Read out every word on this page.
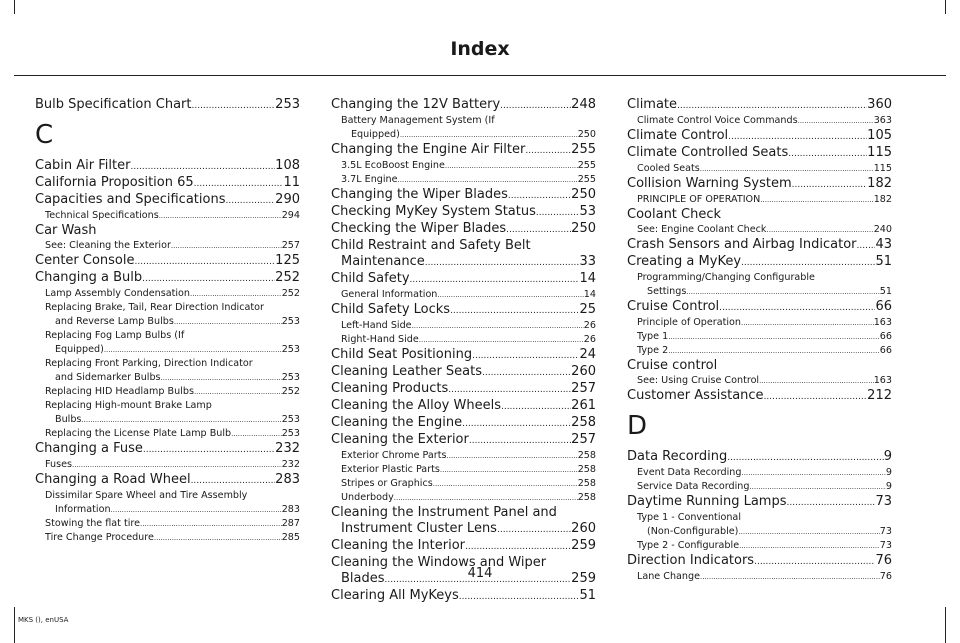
Index
Bulb Specification Chart .....	253
C
Cabin Air Filter .....	108
California Proposition 65 .....	11
Capacities and Specifications .....	290
Technical Specifications .....	294
Car Wash
See: Cleaning the Exterior .....	257
Center Console .....	125
Changing a Bulb .....	252
Lamp Assembly Condensation .....	252
Replacing Brake, Tail, Rear Direction Indicator
and Reverse Lamp Bulbs .....	253
Replacing Fog Lamp Bulbs (If
Equipped) .....	253
Replacing Front Parking, Direction Indicator
and Sidemarker Bulbs .....	253
Replacing HID Headlamp Bulbs .....	252
Replacing High-mount Brake Lamp
Bulbs .....	253
Replacing the License Plate Lamp Bulb .....	253
Changing a Fuse .....	232
Fuses .....	232
Changing a Road Wheel .....	283
Dissimilar Spare Wheel and Tire Assembly
Information .....	283
Stowing the flat tire .....	287
Tire Change Procedure .....	285
Changing the 12V Battery .....	248
Battery Management System (If
Equipped) .....	250
Changing the Engine Air Filter .....	255
3.5L EcoBoost Engine .....	255
3.7L Engine .....	255
Changing the Wiper Blades .....	250
Checking MyKey System Status .....	53
Checking the Wiper Blades .....	250
Child Restraint and Safety Belt
Maintenance .....	33
Child Safety .....	14
General Information .....	14
Child Safety Locks .....	25
Left-Hand Side .....	26
Right-Hand Side .....	26
Child Seat Positioning .....	24
Cleaning Leather Seats .....	260
Cleaning Products .....	257
Cleaning the Alloy Wheels .....	261
Cleaning the Engine .....	258
Cleaning the Exterior .....	257
Exterior Chrome Parts .....	258
Exterior Plastic Parts .....	258
Stripes or Graphics .....	258
Underbody .....	258
Cleaning the Instrument Panel and
Instrument Cluster Lens .....	260
Cleaning the Interior .....	259
Cleaning the Windows and Wiper
Blades .....	259
Clearing All MyKeys .....	51
Climate .....	360
Climate Control Voice Commands .....	363
Climate Control .....	105
Climate Controlled Seats .....	115
Cooled Seats .....	115
Collision Warning System .....	182
PRINCIPLE OF OPERATION .....	182
Coolant Check
See: Engine Coolant Check .....	240
Crash Sensors and Airbag Indicator ..... 43
Creating a MyKey .....	51
Programming/Changing Configurable
Settings .....	51
Cruise Control .....	66
Principle of Operation .....	163
Type 1 .....	66
Type 2 .....	66
Cruise control
See: Using Cruise Control .....	163
Customer Assistance .....	212
D
Data Recording .....	9
Event Data Recording .....	9
Service Data Recording .....	9
Daytime Running Lamps .....	73
Type 1 - Conventional
(Non-Configurable) .....	73
Type 2 - Configurable .....	73
Direction Indicators .....	76
Lane Change .....	76
414
MKS (), enUSA
